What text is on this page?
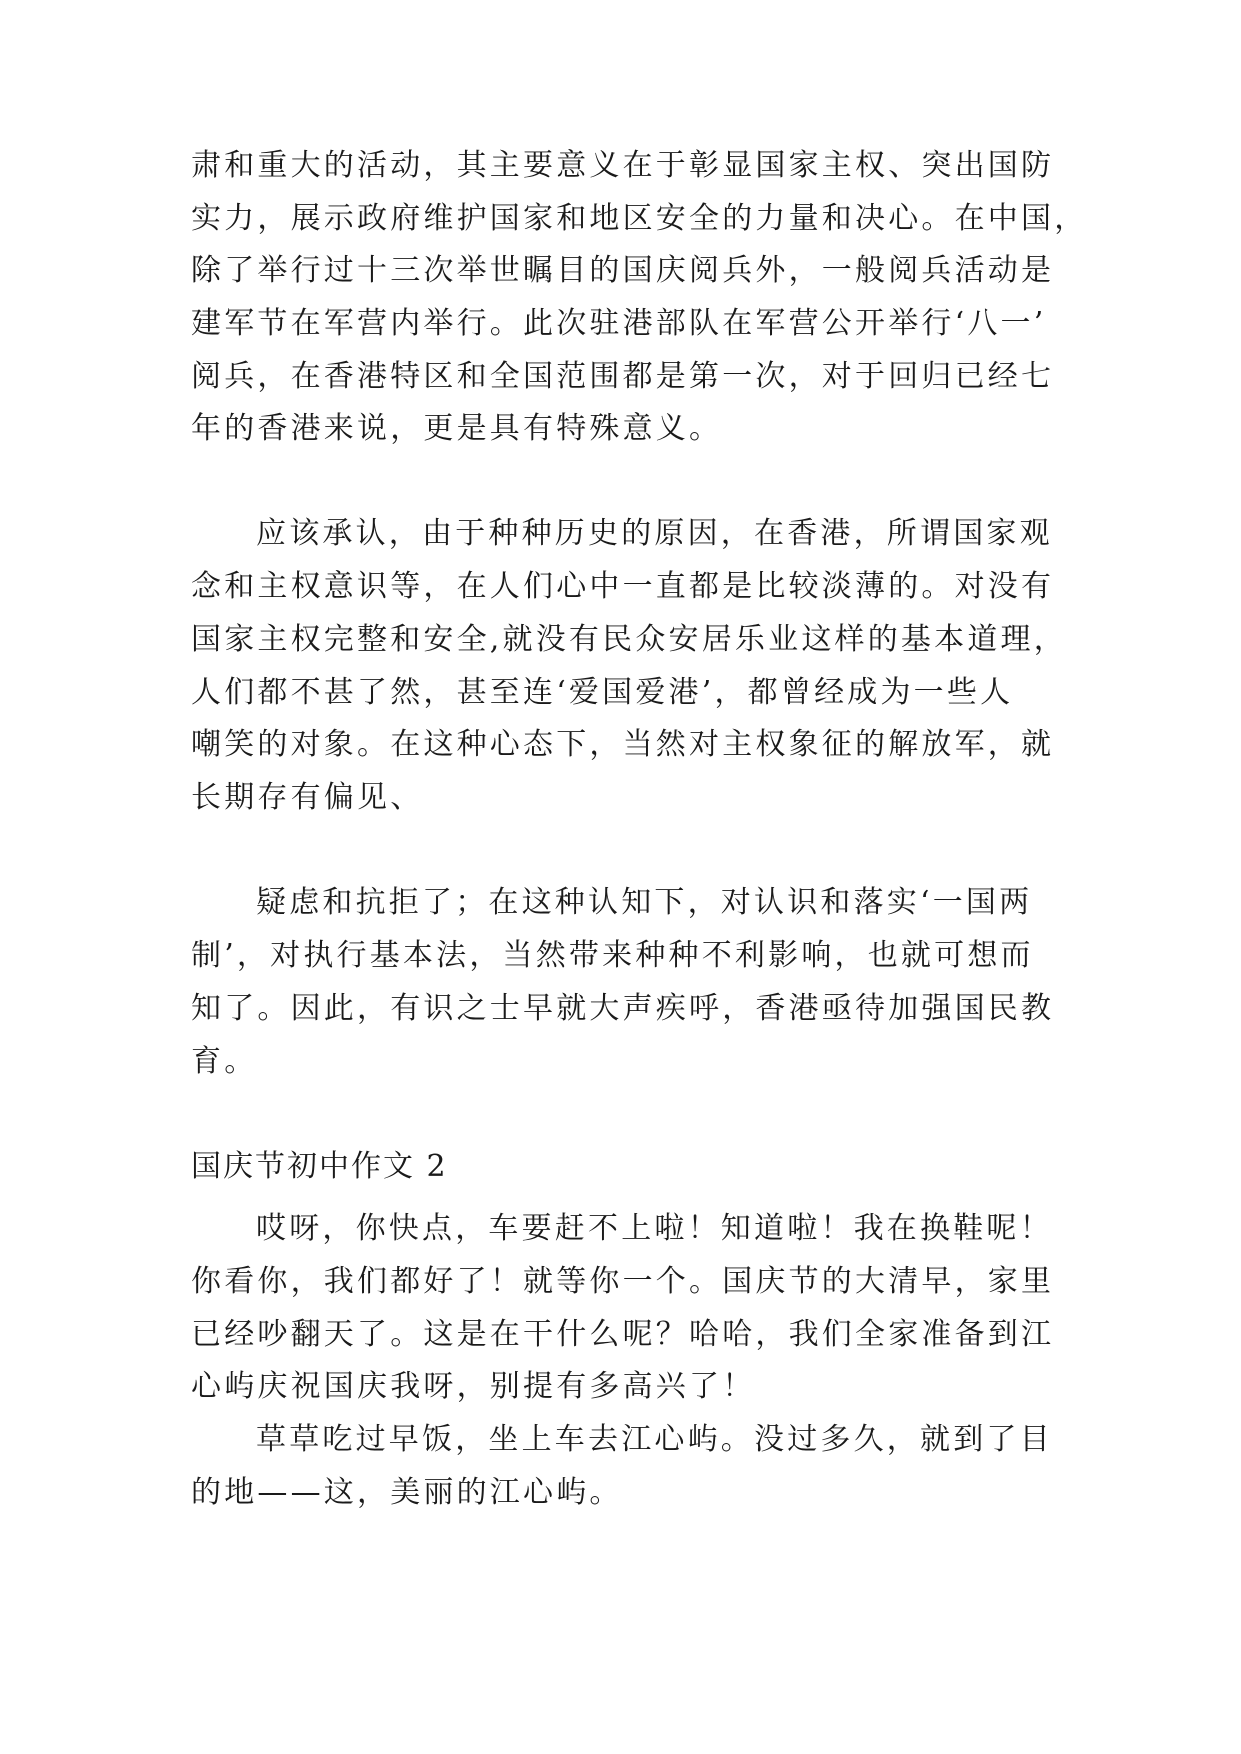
肃和重大的活动，其主要意义在于彰显国家主权、突出国防
实力，展示政府维护国家和地区安全的力量和决心。在中国，
除了举行过十三次举世瞩目的国庆阅兵外，一般阅兵活动是
建军节在军营内举行。此次驻港部队在军营公开举行‘八一’
阅兵，在香港特区和全国范围都是第一次，对于回归已经七
年的香港来说，更是具有特殊意义。
应该承认，由于种种历史的原因，在香港，所谓国家观
念和主权意识等，在人们心中一直都是比较淡薄的。对没有
国家主权完整和安全,就没有民众安居乐业这样的基本道理，
人们都不甚了然，甚至连‘爱国爱港’，都曾经成为一些人
嘲笑的对象。在这种心态下，当然对主权象征的解放军，就
长期存有偏见、
疑虑和抗拒了；在这种认知下，对认识和落实‘一国两
制’，对执行基本法，当然带来种种不利影响，也就可想而
知了。因此，有识之士早就大声疾呼，香港亟待加强国民教
育。
国庆节初中作文 2
哎呀，你快点，车要赶不上啦！知道啦！我在换鞋呢！
你看你，我们都好了！就等你一个。国庆节的大清早，家里
已经吵翻天了。这是在干什么呢？哈哈，我们全家准备到江
心屿庆祝国庆我呀，别提有多高兴了！
草草吃过早饭，坐上车去江心屿。没过多久，就到了目
的地——这，美丽的江心屿。
